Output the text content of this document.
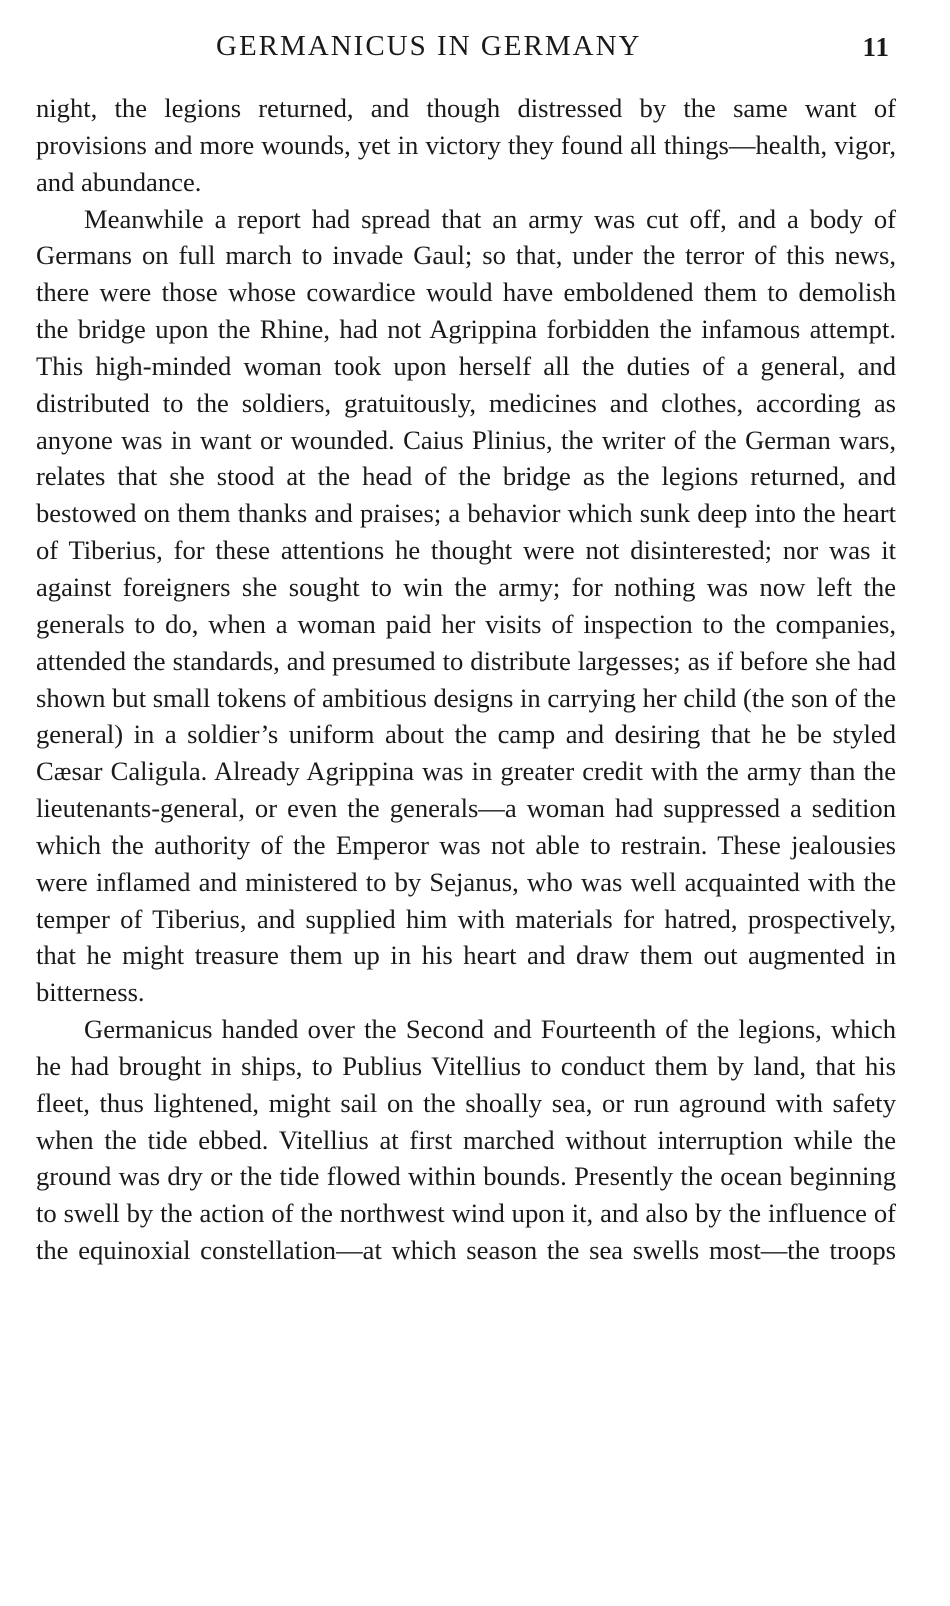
GERMANICUS IN GERMANY	11

night, the legions returned, and though distressed by the same want of provisions and more wounds, yet in victory they found all things—health, vigor, and abundance.

Meanwhile a report had spread that an army was cut off, and a body of Germans on full march to invade Gaul; so that, under the terror of this news, there were those whose cowardice would have emboldened them to demolish the bridge upon the Rhine, had not Agrippina forbidden the infamous attempt. This high-minded woman took upon herself all the duties of a general, and distributed to the soldiers, gratuitously, medicines and clothes, according as anyone was in want or wounded. Caius Plinius, the writer of the German wars, relates that she stood at the head of the bridge as the legions returned, and bestowed on them thanks and praises; a behavior which sunk deep into the heart of Tiberius, for these attentions he thought were not disinterested; nor was it against foreigners she sought to win the army; for nothing was now left the generals to do, when a woman paid her visits of inspection to the companies, attended the standards, and presumed to distribute largesses; as if before she had shown but small tokens of ambitious designs in carrying her child (the son of the general) in a soldier’s uniform about the camp and desiring that he be styled Cæsar Caligula. Already Agrippina was in greater credit with the army than the lieutenants-general, or even the generals—a woman had suppressed a sedition which the authority of the Emperor was not able to restrain. These jealousies were inflamed and ministered to by Sejanus, who was well acquainted with the temper of Tiberius, and supplied him with materials for hatred, prospectively, that he might treasure them up in his heart and draw them out augmented in bitterness.

Germanicus handed over the Second and Fourteenth of the legions, which he had brought in ships, to Publius Vitellius to conduct them by land, that his fleet, thus lightened, might sail on the shoally sea, or run aground with safety when the tide ebbed. Vitellius at first marched without interruption while the ground was dry or the tide flowed within bounds. Presently the ocean beginning to swell by the action of the northwest wind upon it, and also by the influence of the equinoxial constellation—at which season the sea swells most—the troops
